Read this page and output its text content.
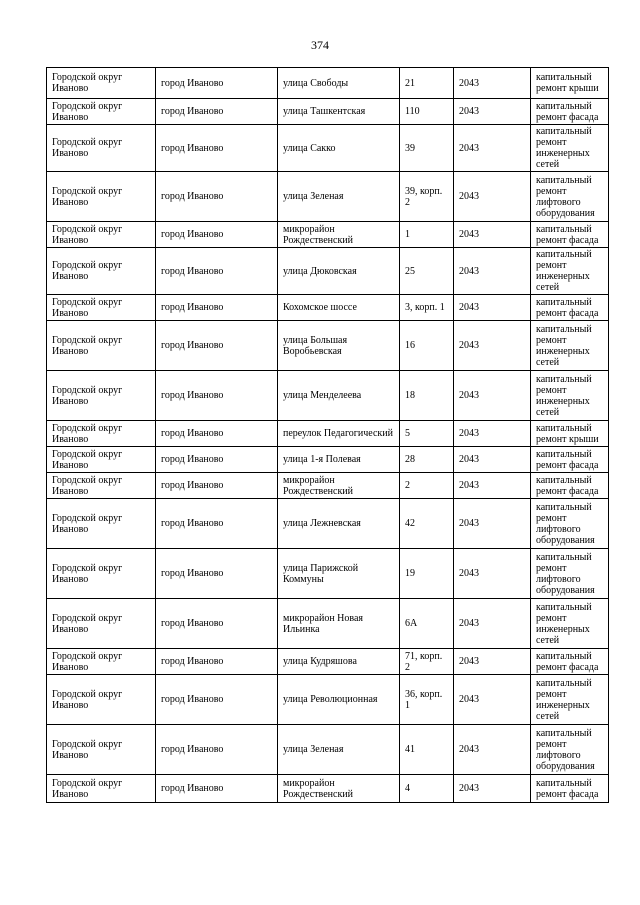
374
Городской округ Иваново	город Иваново	улица Свободы	21	2043	капитальный ремонт крыши
Городской округ Иваново	город Иваново	улица Ташкентская	110	2043	капитальный ремонт фасада
Городской округ Иваново	город Иваново	улица Сакко	39	2043	капитальный ремонт инженерных сетей
Городской округ Иваново	город Иваново	улица Зеленая	39, корп. 2	2043	капитальный ремонт лифтового оборудования
Городской округ Иваново	город Иваново	микрорайон Рождественский	1	2043	капитальный ремонт фасада
Городской округ Иваново	город Иваново	улица Дюковская	25	2043	капитальный ремонт инженерных сетей
Городской округ Иваново	город Иваново	Кохомское шоссе	3, корп. 1	2043	капитальный ремонт фасада
Городской округ Иваново	город Иваново	улица Большая Воробьевская	16	2043	капитальный ремонт инженерных сетей
Городской округ Иваново	город Иваново	улица Менделеева	18	2043	капитальный ремонт инженерных сетей
Городской округ Иваново	город Иваново	переулок Педагогический	5	2043	капитальный ремонт крыши
Городской округ Иваново	город Иваново	улица 1-я Полевая	28	2043	капитальный ремонт фасада
Городской округ Иваново	город Иваново	микрорайон Рождественский	2	2043	капитальный ремонт фасада
Городской округ Иваново	город Иваново	улица Лежневская	42	2043	капитальный ремонт лифтового оборудования
Городской округ Иваново	город Иваново	улица Парижской Коммуны	19	2043	капитальный ремонт лифтового оборудования
Городской округ Иваново	город Иваново	микрорайон Новая Ильинка	6А	2043	капитальный ремонт инженерных сетей
Городской округ Иваново	город Иваново	улица Кудряшова	71, корп. 2	2043	капитальный ремонт фасада
Городской округ Иваново	город Иваново	улица Революционная	36, корп. 1	2043	капитальный ремонт инженерных сетей
Городской округ Иваново	город Иваново	улица Зеленая	41	2043	капитальный ремонт лифтового оборудования
Городской округ Иваново	город Иваново	микрорайон Рождественский	4	2043	капитальный ремонт фасада
